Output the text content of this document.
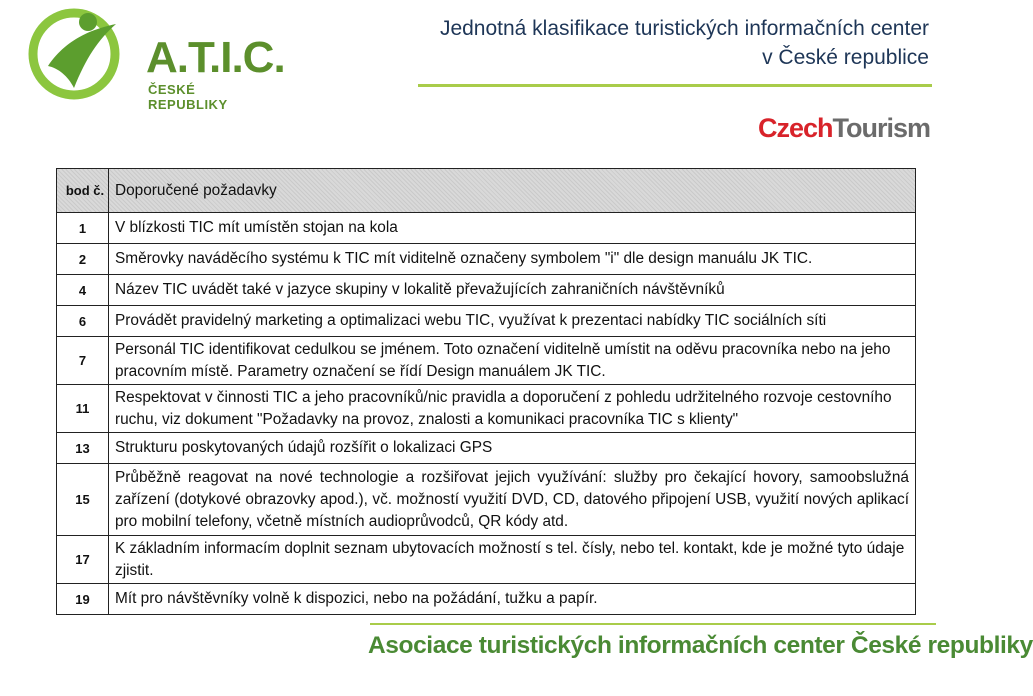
A.T.I.C.
ČESKÉ REPUBLIKY
Jednotná klasifikace turistických informačních center
v České republice
CzechTourism
bod č.	Doporučené požadavky
1	V blízkosti TIC mít umístěn stojan na kola
2	Směrovky naváděcího systému k TIC mít viditelně označeny symbolem "i" dle design manuálu JK TIC.
4	Název TIC uvádět také v jazyce skupiny v lokalitě převažujících zahraničních návštěvníků
6	Provádět pravidelný marketing a optimalizaci webu TIC, využívat k prezentaci nabídky TIC sociálních síti
7	Personál TIC identifikovat cedulkou se jménem. Toto označení viditelně umístit na oděvu pracovníka nebo na jeho pracovním místě. Parametry označení se řídí Design manuálem JK TIC.
11	Respektovat v činnosti TIC a jeho pracovníků/nic pravidla a doporučení z pohledu udržitelného rozvoje cestovního ruchu, viz dokument "Požadavky na provoz, znalosti a komunikaci pracovníka TIC s klienty"
13	Strukturu poskytovaných údajů rozšířit o lokalizaci GPS
15	Průběžně reagovat na nové technologie a rozšiřovat jejich využívání: služby pro čekající hovory, samoobslužná zařízení (dotykové obrazovky apod.), vč. možností využití DVD, CD, datového připojení USB, využití nových aplikací pro mobilní telefony, včetně místních audioprůvodců, QR kódy atd.
17	K základním informacím doplnit seznam ubytovacích možností s tel. čísly, nebo tel. kontakt, kde je možné tyto údaje zjistit.
19	Mít pro návštěvníky volně k dispozici, nebo na požádání, tužku a papír.
Asociace turistických informačních center České republiky
